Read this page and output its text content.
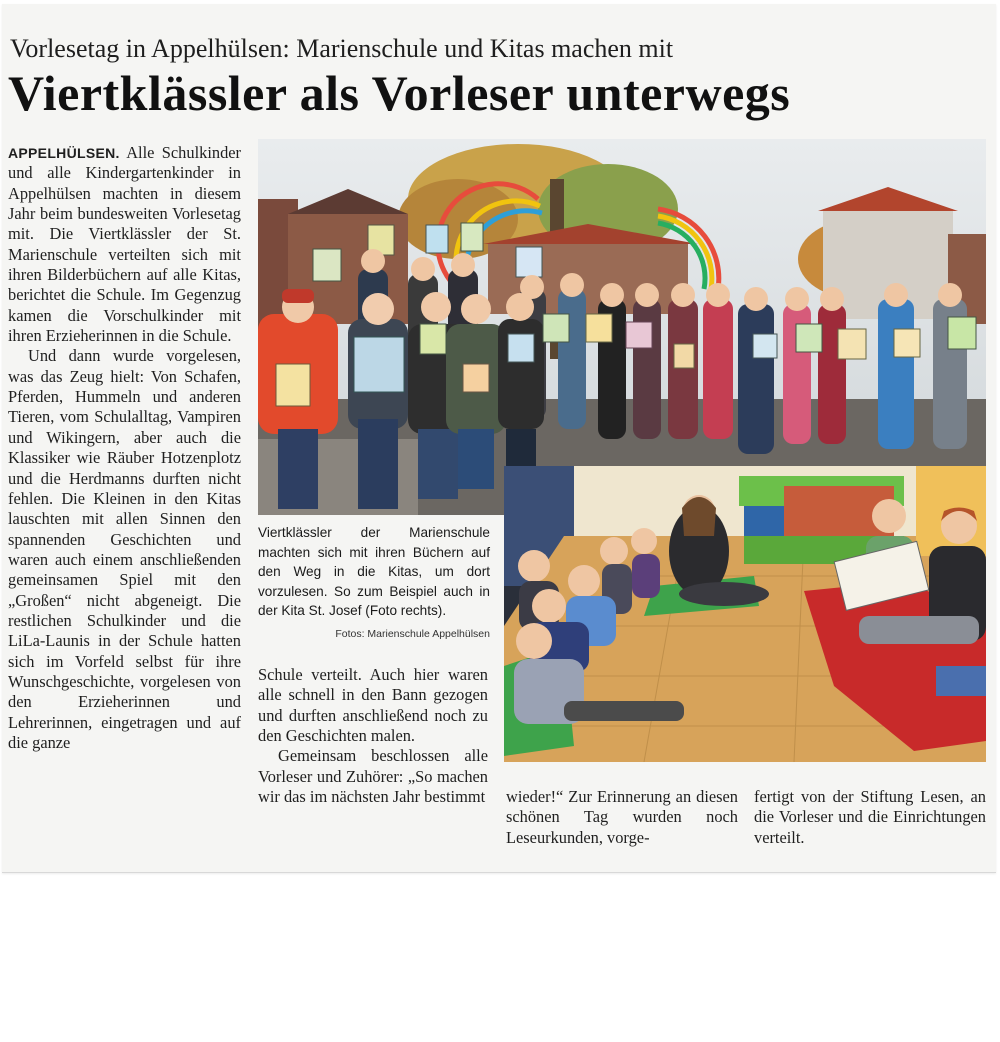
Vorlesetag in Appelhülsen: Marienschule und Kitas machen mit
Viertklässler als Vorleser unterwegs

APPELHÜLSEN. Alle Schulkinder und alle Kindergartenkinder in Appelhülsen machten in diesem Jahr beim bundesweiten Vorlesetag mit. Die Viertklässler der St. Marienschule verteilten sich mit ihren Bilderbüchern auf alle Kitas, berichtet die Schule. Im Gegenzug kamen die Vorschulkinder mit ihren Erzieherinnen in die Schule.

Und dann wurde vorgelesen, was das Zeug hielt: Von Schafen, Pferden, Hummeln und anderen Tieren, vom Schulalltag, Vampiren und Wikingern, aber auch die Klassiker wie Räuber Hotzenplotz und die Herdmanns durften nicht fehlen. Die Kleinen in den Kitas lauschten mit allen Sinnen den spannenden Geschichten und waren auch einem anschließenden gemeinsamen Spiel mit den „Großen“ nicht abgeneigt. Die restlichen Schulkinder und die LiLa-Launis in der Schule hatten sich im Vorfeld selbst für ihre Wunschgeschichte, vorgelesen von den Erzieherinnen und Lehrerinnen, eingetragen und auf die ganze

Viertklässler der Marienschule machten sich mit ihren Büchern auf den Weg in die Kitas, um dort vorzulesen. So zum Beispiel auch in der Kita St. Josef (Foto rechts).
Fotos: Marienschule Appelhülsen

Schule verteilt. Auch hier waren alle schnell in den Bann gezogen und durften anschließend noch zu den Geschichten malen.

Gemeinsam beschlossen alle Vorleser und Zuhörer: „So machen wir das im nächsten Jahr bestimmt wieder!“ Zur Erinnerung an diesen schönen Tag wurden noch Leseurkunden, vorge-

fertigt von der Stiftung Lesen, an die Vorleser und die Einrichtungen verteilt.
